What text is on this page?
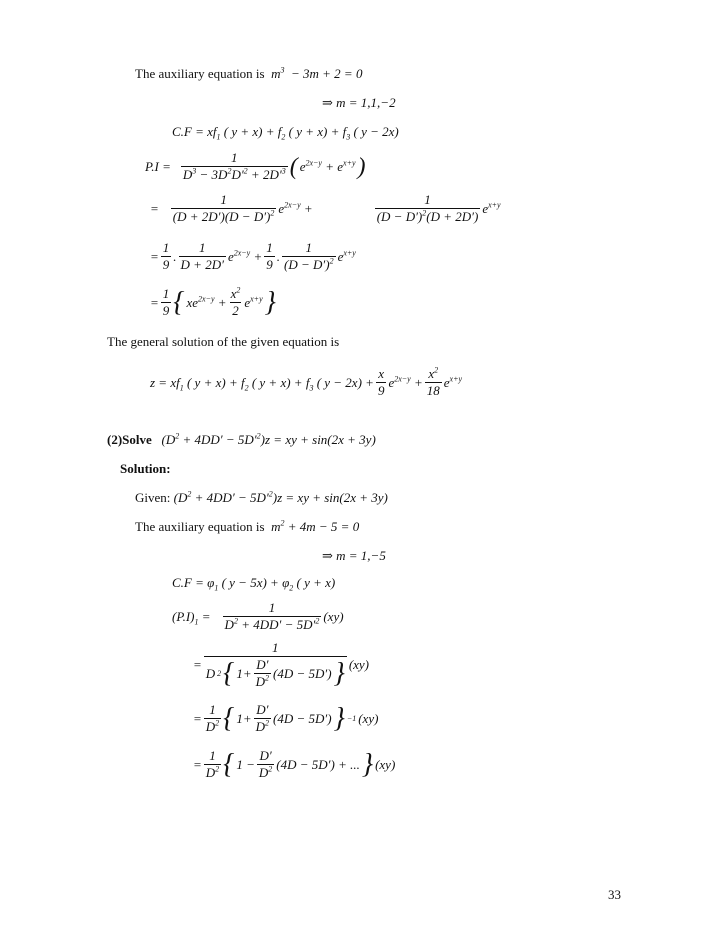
The auxiliary equation is $m^3 - 3m + 2 = 0$
⇒ m = 1,1,−2
$C.F = xf_1$ ( $y + x) + f_2$ ( $y + x) + f_3$ ( y − 2x)
$P.I = \frac{1}{D^3 - 3D^2D'^2 + 2D'^3}$ ( $e^{2x-y} + e^{x+y}$ )
= $\frac{1}{(D + 2D')(D - D')^2} e^{2x-y}$ +	$\frac{1}{(D - D')^2(D + 2D')} e^{x+y}$
= $\frac{1}{9}$ .
1
D + 2D′
$e^{2x-y} + \frac{1}{9}$ .
1
$(D - D')^2$ $e^{x+y}$
= $\frac{1}{9}$ { $xe^{2x-y} + \frac{x^2}{2} e^{x+y}$ }
The general solution of the given equation is
$z = xf_1$ ( $y + x) + f_2$ ( $y + x) + f_3$ ( $y - 2x) + \frac{x}{9} e^{2x-y} + \frac{x^2}{18} e^{x+y}$
(2)Solve $(D^2 + 4DD' - 5D'^2)z$ = xy + sin(2x + 3y)
Solution:
Given: $(D^2 + 4DD' - 5D'^2)z$ = xy + sin(2x + 3y)
The auxiliary equation is $m^2 + 4m - 5 = 0$
⇒ m = 1,−5
$C.F = \varphi_1$ ( $y - 5x) + \varphi_2$ ( y + x)
$(P.I)_1 = \frac{1}{D^2 + 4DD' - 5D'^2} (xy)$
= 1
D 2 { 1+
D′
$D^2$ (4D − 5D′) } (xy)
= $\frac{1}{D^2}$ { 1+
D′
$D^2$ (4D − 5D′) } −1 (xy)
= $\frac{1}{D^2}$ { 1 −
D′
$D^2$ (4D − 5D′) + ... } (xy)
33
